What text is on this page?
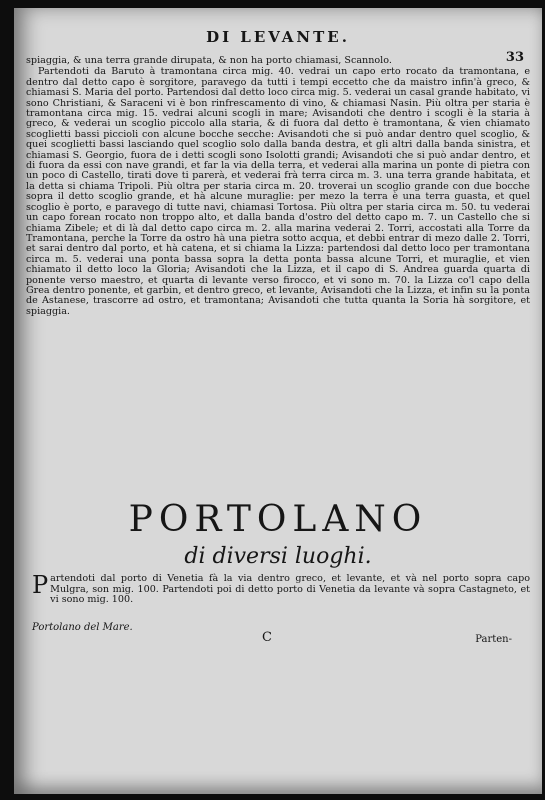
DI LEVANTE.
33

spiaggia, & una terra grande dirupata, & non ha porto chiamasi, Scannolo.

Partendoti da Baruto à tramontana circa mig. 40. vedrai un capo erto rocato da tramontana, e dentro dal detto capo è sorgitore, paravego da tutti i tempi eccetto che da maistro infin'à greco, & chiamasi S. Maria del porto. Partendosi dal detto loco circa mig. 5. vederai un casal grande habitato, vi sono Christiani, & Saraceni vi è bon rinfrescamento di vino, & chiamasi Nasin. Più oltra per staria è tramontana circa mig. 15. vedrai alcuni scogli in mare; Avisandoti che dentro i scogli è la staria à greco, & vederai un scoglio piccolo alla staria, & di fuora dal detto è tramontana, & vien chiamato scoglietti bassi piccioli con alcune bocche secche: Avisandoti che si può andar dentro quel scoglio, & quei scoglietti bassi lasciando quel scoglio solo dalla banda destra, et gli altri dalla banda sinistra, et chiamasi S. Georgio, fuora de i detti scogli sono Isolotti grandi; Avisandoti che si può andar dentro, et di fuora da essi con nave grandi, et far la via della terra, et vederai alla marina un ponte di pietra con un poco di Castello, tirati dove ti parerà, et vederai frà terra circa m. 3. una terra grande habitata, et la detta si chiama Tripoli. Più oltra per staria circa m. 20. troverai un scoglio grande con due bocche sopra il detto scoglio grande, et hà alcune muraglie: per mezo la terra è una terra guasta, et quel scoglio è porto, e paravego di tutte navi, chiamasi Tortosa. Più oltra per staria circa m. 50. tu vederai un capo forean rocato non troppo alto, et dalla banda d'ostro del detto capo m. 7. un Castello che si chiama Zibele; et di là dal detto capo circa m. 2. alla marina vederai 2. Torri, accostati alla Torre da Tramontana, perche la Torre da ostro hà una pietra sotto acqua, et debbi entrar di mezo dalle 2. Torri, et sarai dentro dal porto, et hà catena, et si chiama la Lizza: partendosi dal detto loco per tramontana circa m. 5. vederai una ponta bassa sopra la detta ponta bassa alcune Torri, et muraglie, et vien chiamato il detto loco la Gloria; Avisandoti che la Lizza, et il capo di S. Andrea guarda quarta di ponente verso maestro, et quarta di levante verso firocco, et vi sono m. 70. la Lizza co'l capo della Grea dentro ponente, et garbin, et dentro greco, et levante, Avisandoti che la Lizza, et infin su la ponta de Astanese, trascorre ad ostro, et tramontana; Avisandoti che tutta quanta la Soria hà sorgitore, et spiaggia.

PORTOLANO
di diversi luoghi.
P artendoti dal porto di Venetia fà la via dentro greco, et levante, et và nel porto sopra capo Mulgra, son mig. 100. Partendoti poi di detto porto di Venetia da levante và sopra Castagneto, et vi sono mig. 100.
Portolano del Mare.
C	Parten-
